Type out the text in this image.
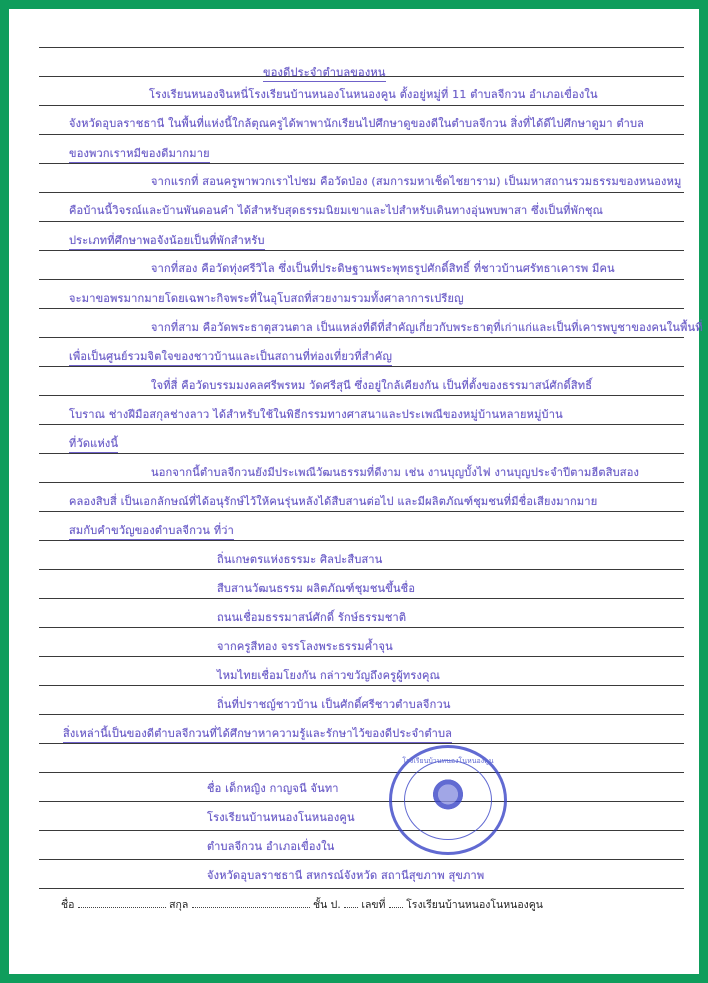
ของดีประจำตำบลของหน
โรงเรียนหนองจินหนี่โรงเรียนบ้านหนองโนหนองคูน ตั้งอยู่หมู่ที่ 11 ตำบลจีกวน อำเภอเขื่องใน
จังหวัดอุบลราชธานี ในพื้นที่แห่งนี้ใกล้ตุณครูได้พาพานักเรียนไปศึกษาดูของดีในตำบลจีกวน สิ่งที่ได้ดีไปศึกษาดูมา ตำบล
ของพวกเราหมีของดีมากมาย
จากแรกที่ สอนครูพาพวกเราไปชม คือวัดป่อง (สมการมหาเช็ดไชยาราม) เป็นมหาสถานรวมธรรมของหนองหมู
คือบ้านนี้วิจรณ์และบ้านพันดอนคำ ได้สำหรับสุดธรรมนิยมเขาและไปสำหรับเดินทางอุ่นพบพาสา ซึ่งเป็นที่พักชุณ
ประเภทที่ศึกษาพอจังน้อยเป็นที่พักสำหรับ
จากที่สอง คือวัดทุ่งศรีวิไล ซึ่งเป็นที่ประดิษฐานพระพุทธรูปศักดิ์สิทธิ์ ที่ชาวบ้านศรัทธาเคารพ มีคน
จะมาขอพรมากมายโดยเฉพาะกิจพระที่ในอุโบสถที่สวยงามรวมทั้งศาลาการเปรียญ
จากที่สาม คือวัดพระธาตุสวนตาล เป็นแหล่งที่ดีที่สำคัญเกี่ยวกับพระธาตุที่เก่าแก่และเป็นที่เคารพบูชาของคนในพื้นที่
เพื่อเป็นศูนย์รวมจิตใจของชาวบ้านและเป็นสถานที่ท่องเที่ยวที่สำคัญ
ใจที่สี่ คือวัดบรรมมงคลศรีพรหม วัดศรีสุนี ซึ่งอยู่ใกล้เคียงกัน เป็นที่ตั้งของธรรมาสน์ศักดิ์สิทธิ์
โบราณ ช่างฝีมือสกุลช่างลาว ได้สำหรับใช้ในพิธีกรรมทางศาสนาและประเพณีของหมู่บ้านหลายหมู่บ้าน
ที่วัดแห่งนี้
นอกจากนี้ตำบลจีกวนยังมีประเพณีวัฒนธรรมที่ดีงาม เช่น งานบุญบั้งไฟ งานบุญประจำปีตามฮีตสิบสอง
คลองสิบสี่ เป็นเอกลักษณ์ที่ได้อนุรักษ์ไว้ให้คนรุ่นหลังได้สืบสานต่อไป และมีผลิตภัณฑ์ชุมชนที่มีชื่อเสียงมากมาย
สมกับคำขวัญของตำบลจีกวน ที่ว่า
ถิ่นเกษตรแห่งธรรมะ ศิลปะสืบสาน
สืบสานวัฒนธรรม ผลิตภัณฑ์ชุมชนขึ้นชื่อ
ถนนเชื่อมธรรมาสน์ศักดิ์ รักษ์ธรรมชาติ
จากครูสีทอง จรรโลงพระธรรมค้ำจุน
ไหมไทยเชื่อมโยงกัน กล่าวขวัญถึงครูผู้ทรงคุณ
ถิ่นที่ปราชญ์ชาวบ้าน เป็นศักดิ์ศรีชาวตำบลจีกวน
สิ่งเหล่านี้เป็นของดีตำบลจีกวนที่ได้ศึกษาหาความรู้และรักษาไว้ของดีประจำตำบล
ชื่อ เด็กหญิง กาญจนี จันทา
โรงเรียนบ้านหนองโนหนองคูน
ตำบลจีกวน อำเภอเขื่องใน
จังหวัดอุบลราชธานี สหกรณ์จังหวัด สถานีสุขภาพ สุขภาพ
โรงเรียนบ้านหนองโนหนองคูน
ชื่อ	สกุล	ชั้น ป. เลขที่ โรงเรียนบ้านหนองโนหนองคูน
